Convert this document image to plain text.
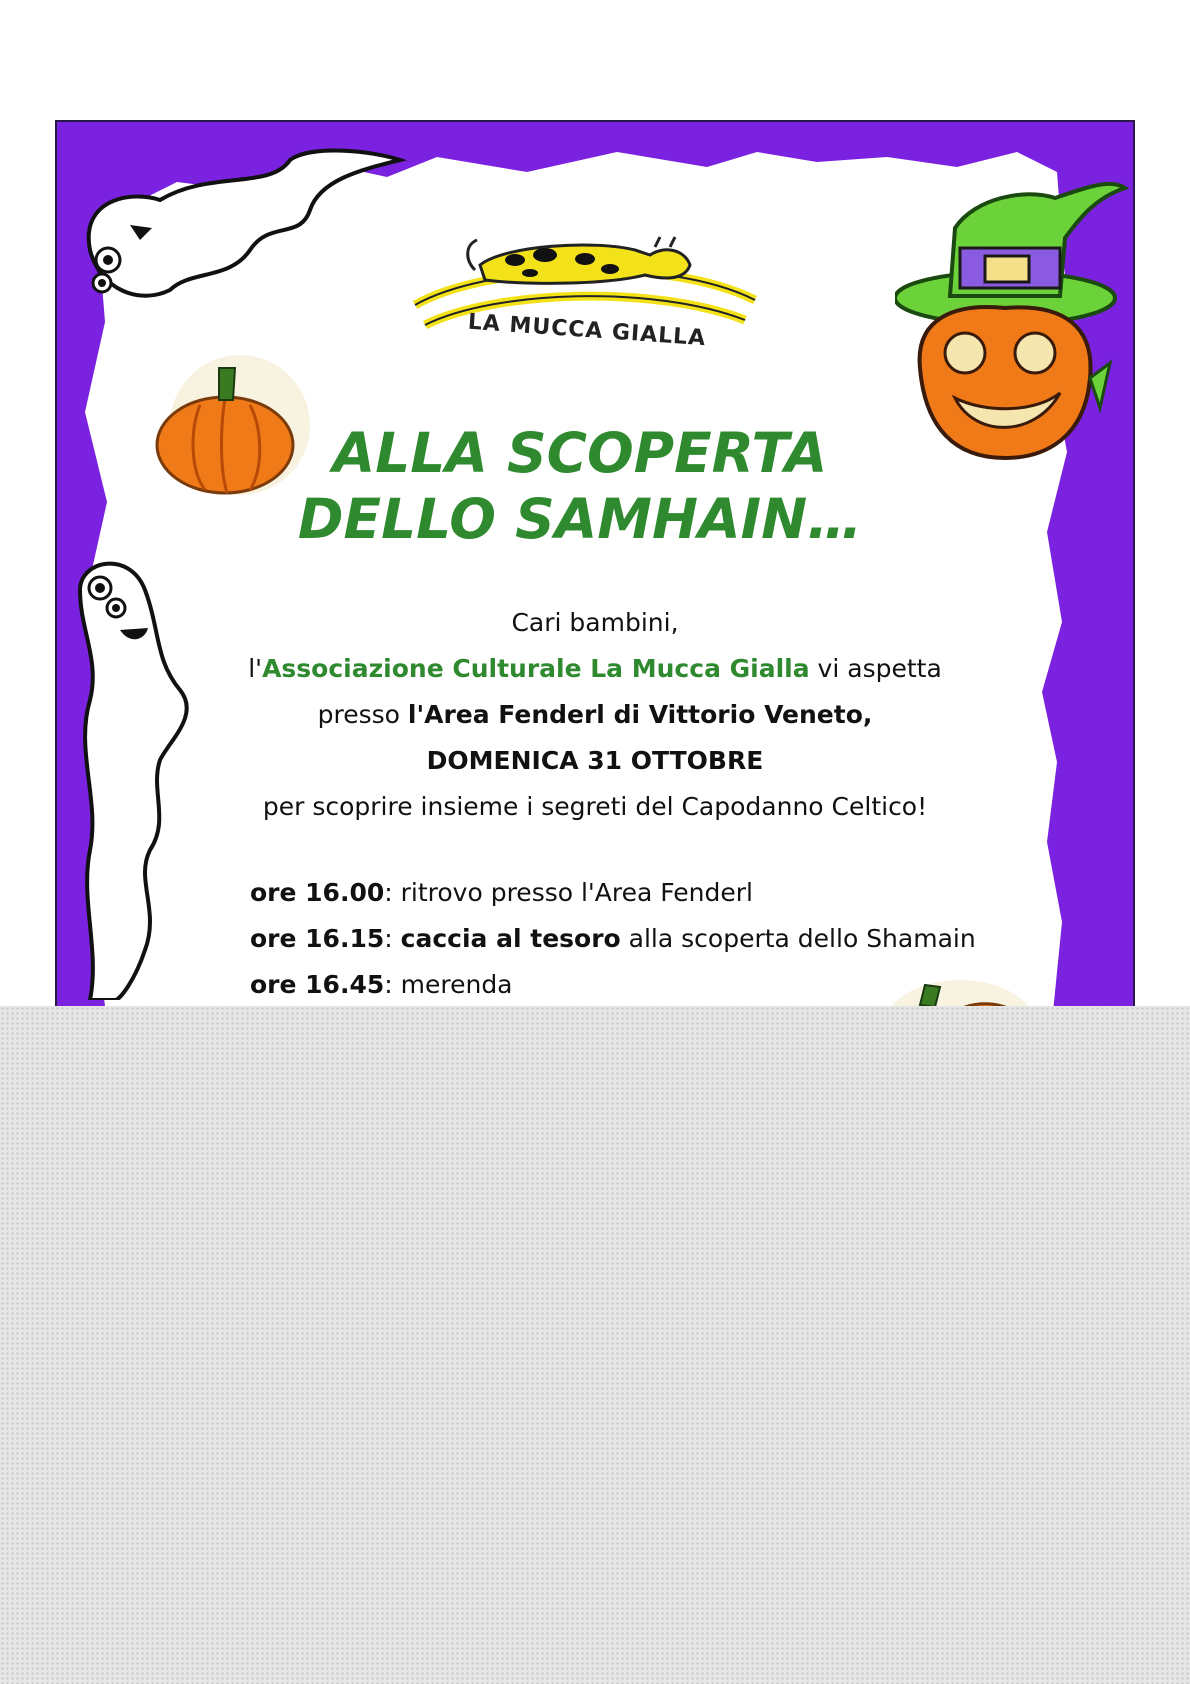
LA MUCCA GIALLA
ALLA SCOPERTA
DELLO SAMHAIN…
Cari bambini,
l'Associazione Culturale La Mucca Gialla vi aspetta
presso l'Area Fenderl di Vittorio Veneto,
DOMENICA 31 OTTOBRE
per scoprire insieme i segreti del Capodanno Celtico!
ore 16.00: ritrovo presso l'Area Fenderl
ore 16.15: caccia al tesoro alla scoperta dello Shamain
ore 16.45: merenda
